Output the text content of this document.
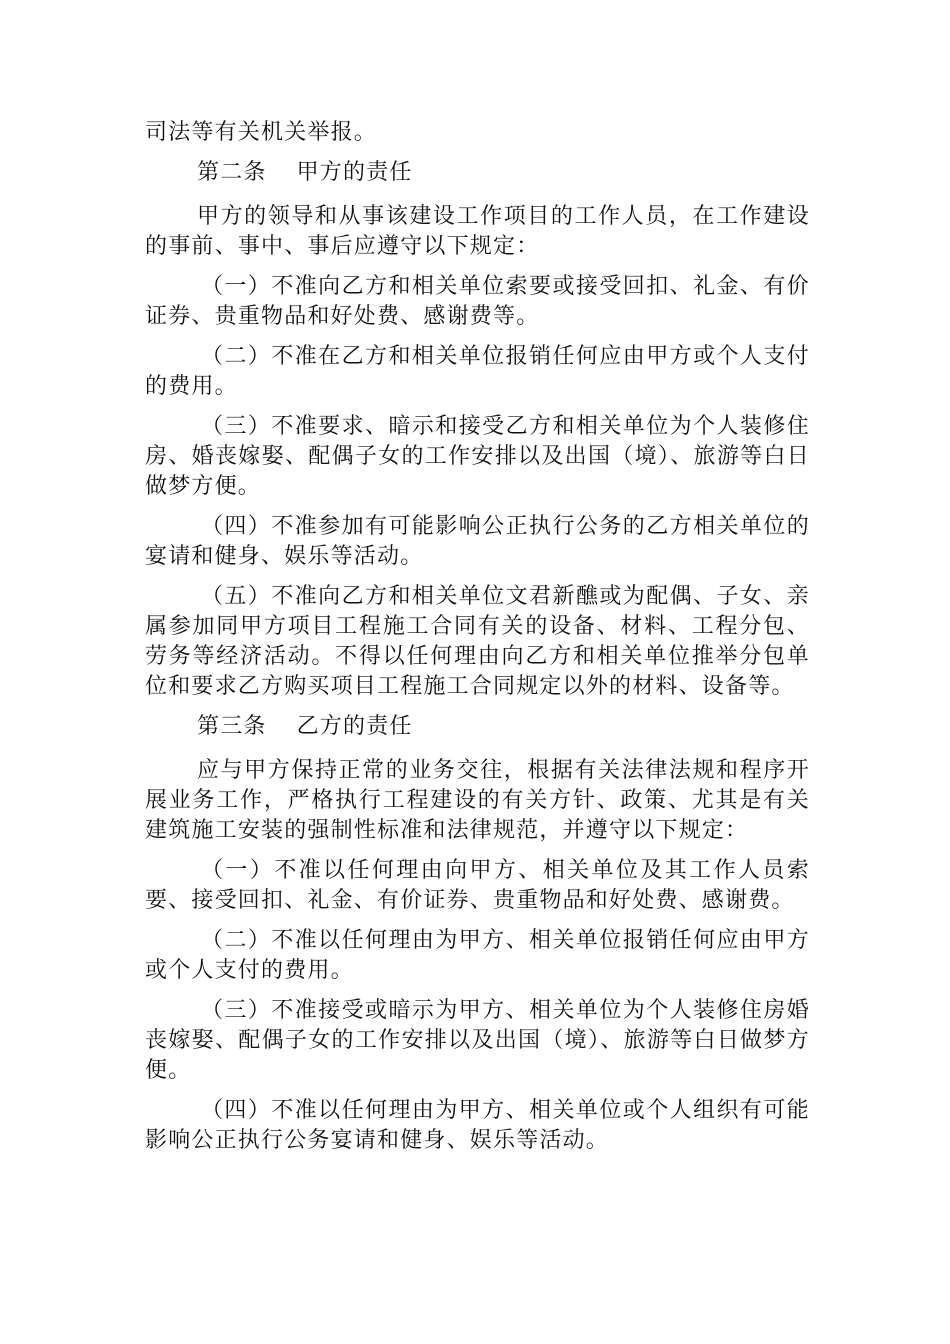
司法等有关机关举报。

第二条 甲方的责任

甲方的领导和从事该建设工作项目的工作人员，在工作建设的事前、事中、事后应遵守以下规定：

（一）不准向乙方和相关单位索要或接受回扣、礼金、有价证券、贵重物品和好处费、感谢费等。

（二）不准在乙方和相关单位报销任何应由甲方或个人支付的费用。

（三）不准要求、暗示和接受乙方和相关单位为个人装修住房、婚丧嫁娶、配偶子女的工作安排以及出国（境）、旅游等白日做梦方便。

（四）不准参加有可能影响公正执行公务的乙方相关单位的宴请和健身、娱乐等活动。

（五）不准向乙方和相关单位文君新醮或为配偶、子女、亲属参加同甲方项目工程施工合同有关的设备、材料、工程分包、劳务等经济活动。不得以任何理由向乙方和相关单位推举分包单位和要求乙方购买项目工程施工合同规定以外的材料、设备等。

第三条 乙方的责任

应与甲方保持正常的业务交往，根据有关法律法规和程序开展业务工作，严格执行工程建设的有关方针、政策、尤其是有关建筑施工安装的强制性标准和法律规范，并遵守以下规定：

（一）不准以任何理由向甲方、相关单位及其工作人员索要、接受回扣、礼金、有价证券、贵重物品和好处费、感谢费。

（二）不准以任何理由为甲方、相关单位报销任何应由甲方或个人支付的费用。

（三）不准接受或暗示为甲方、相关单位为个人装修住房婚丧嫁娶、配偶子女的工作安排以及出国（境）、旅游等白日做梦方便。

（四）不准以任何理由为甲方、相关单位或个人组织有可能影响公正执行公务宴请和健身、娱乐等活动。
